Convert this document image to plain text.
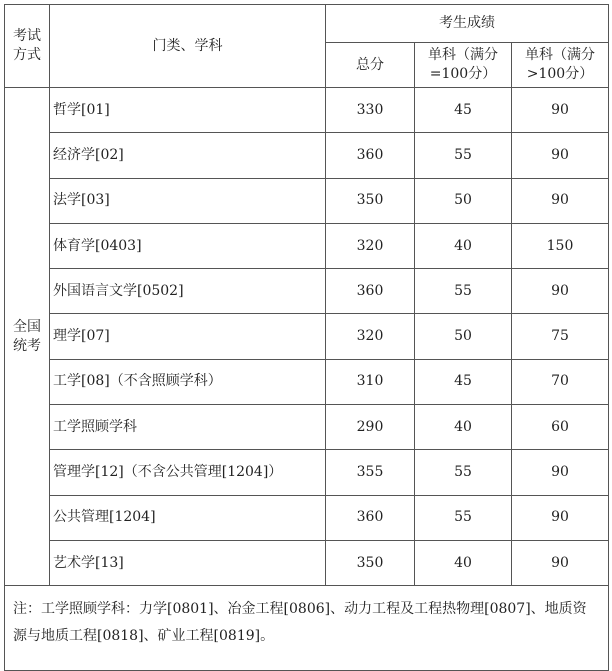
考试方式	门类、学科	考生成绩		
		总分	单科（满分=100分）	单科（满分>100分）
全国统考	哲学[01]	330	45	90
	经济学[02]	360	55	90
	法学[03]	350	50	90
	体育学[0403]	320	40	150
	外国语言文学[0502]	360	55	90
	理学[07]	320	50	75
	工学[08]（不含照顾学科）	310	45	70
	工学照顾学科	290	40	60
	管理学[12]（不含公共管理[1204]）	355	55	90
	公共管理[1204]	360	55	90
	艺术学[13]	350	40	90
注：工学照顾学科：力学[0801]、冶金工程[0806]、动力工程及工程热物理[0807]、地质资源与地质工程[0818]、矿业工程[0819]。				
